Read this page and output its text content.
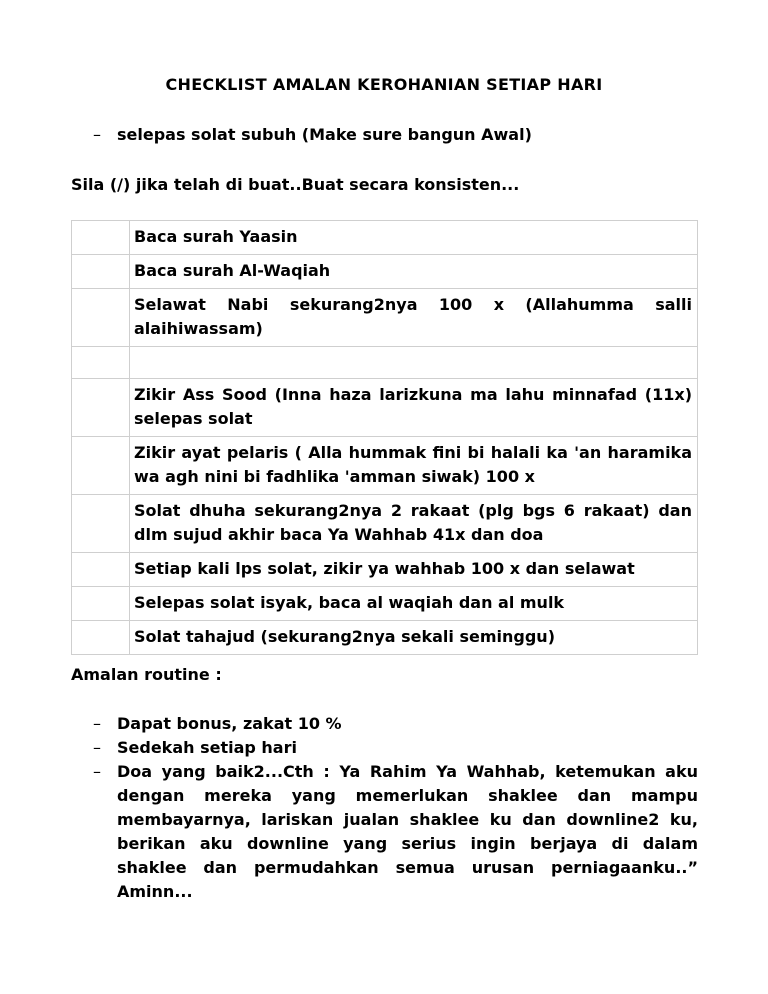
CHECKLIST AMALAN KEROHANIAN SETIAP HARI
– selepas solat subuh (Make sure bangun Awal)
Sila (/) jika telah di buat..Buat secara konsisten...
	Baca surah Yaasin
	Baca surah Al-Waqiah
	Selawat Nabi sekurang2nya 100 x (Allahumma salli alaihiwassam)

	Zikir Ass Sood (Inna haza larizkuna ma lahu minnafad (11x) selepas solat
	Zikir ayat pelaris ( Alla hummak fini bi halali ka 'an haramika wa agh nini bi fadhlika 'amman siwak) 100 x
	Solat dhuha sekurang2nya 2 rakaat (plg bgs 6 rakaat) dan dlm sujud akhir baca Ya Wahhab 41x dan doa
	Setiap kali lps solat, zikir ya wahhab 100 x dan selawat
	Selepas solat isyak, baca al waqiah dan al mulk
	Solat tahajud (sekurang2nya sekali seminggu)
Amalan routine :
–	Dapat bonus, zakat 10 %
–	Sedekah setiap hari
–	Doa yang baik2...Cth : Ya Rahim Ya Wahhab, ketemukan aku dengan mereka yang memerlukan shaklee dan mampu membayarnya, lariskan jualan shaklee ku dan downline2 ku, berikan aku downline yang serius ingin berjaya di dalam shaklee dan permudahkan semua urusan perniagaanku..” Aminn...
